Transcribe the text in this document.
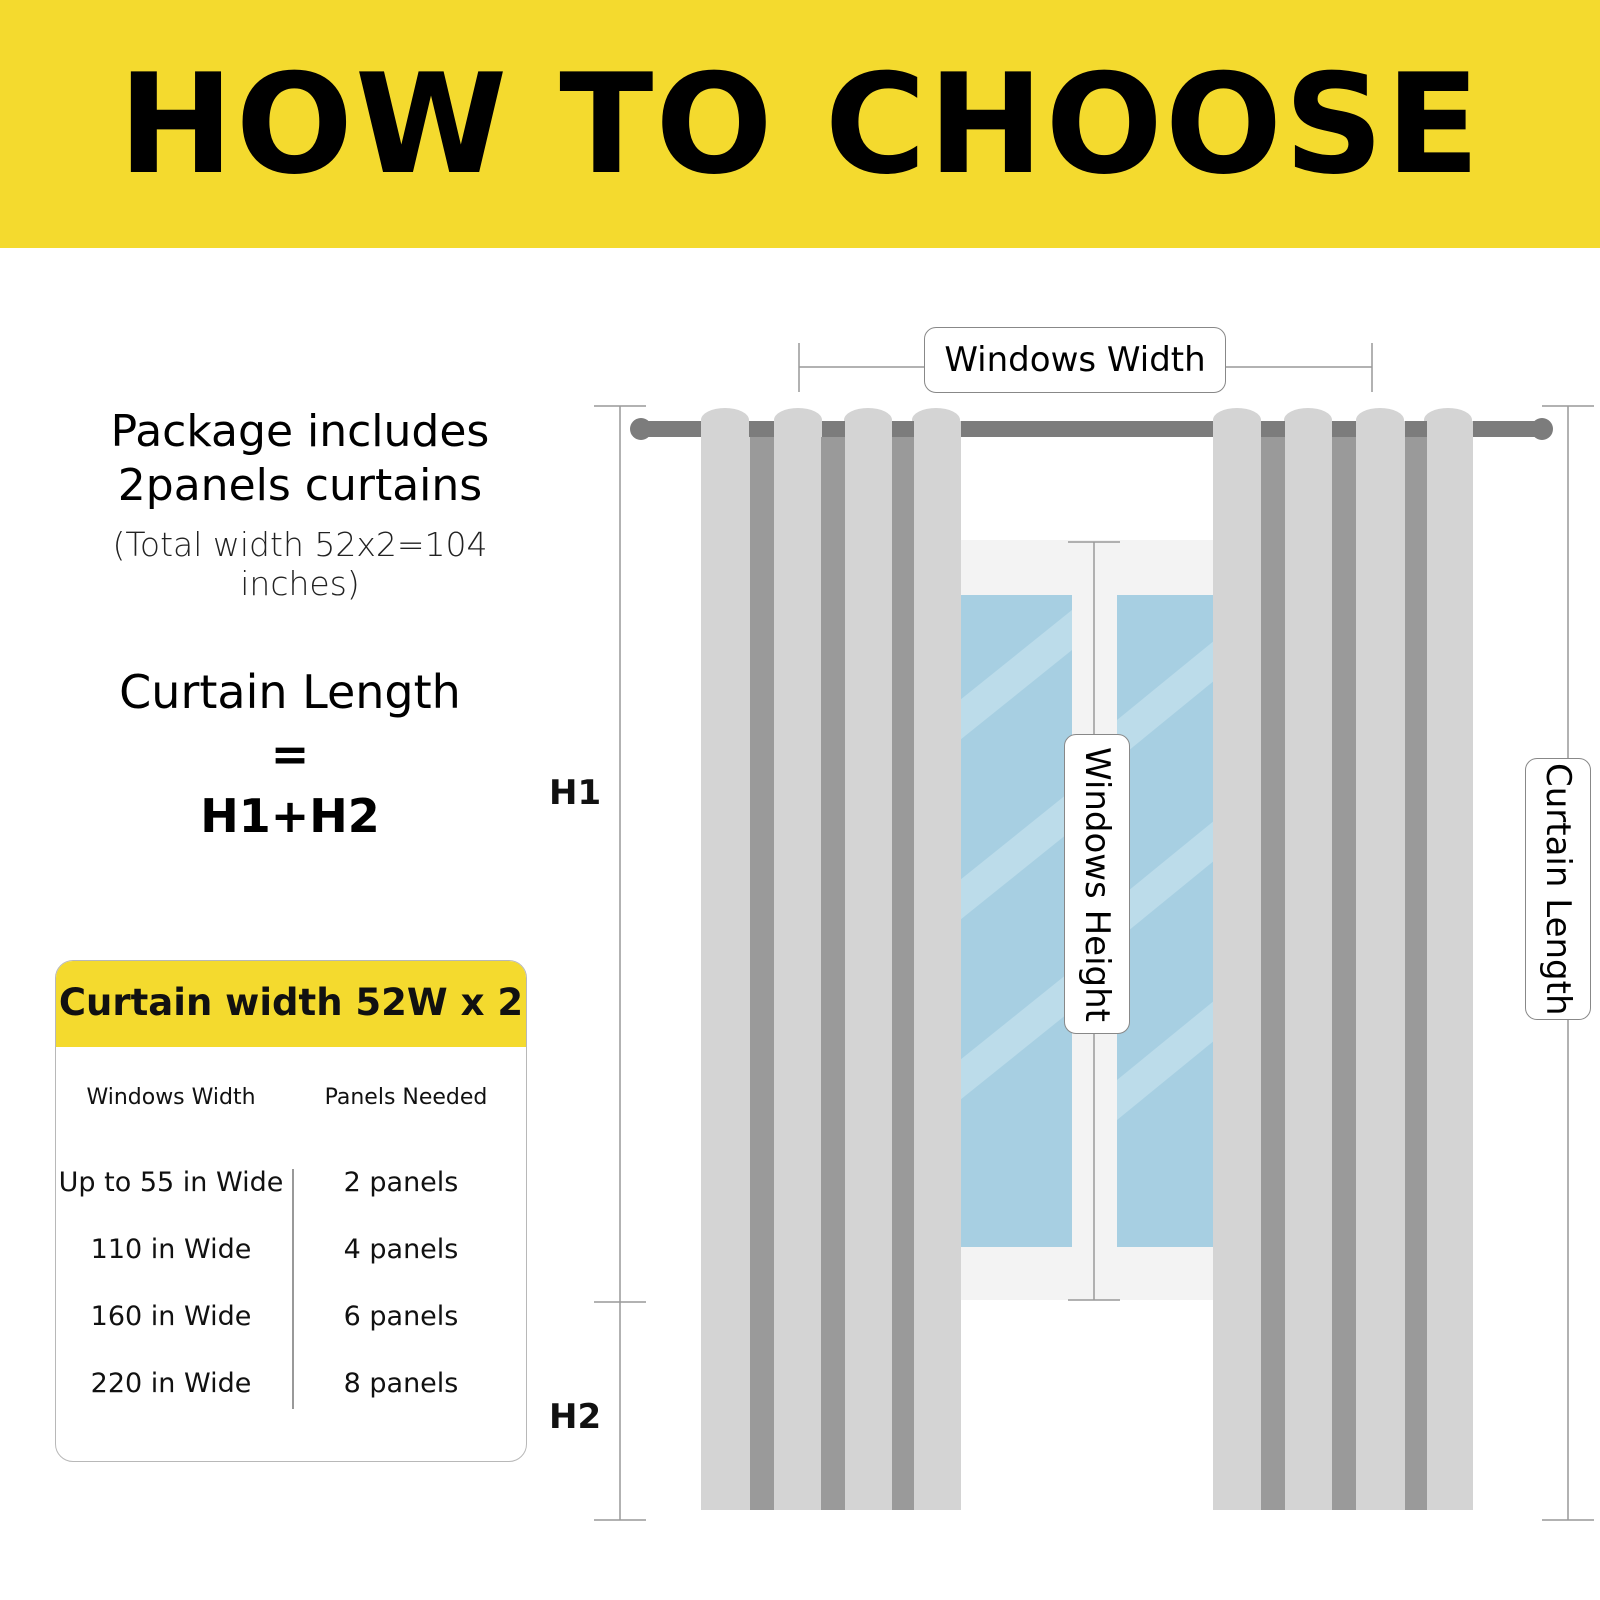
HOW TO CHOOSE
Package includes
2panels curtains
(Total width 52x2=104 inches)
Curtain Length
=
H1+H2
Curtain width 52W x 2
Windows Width	Panels Needed
Up to 55 in Wide	2 panels
110 in Wide	4 panels
160 in Wide	6 panels
220 in Wide	8 panels
Windows Width
Windows Height	Curtain Length
H1
H2
